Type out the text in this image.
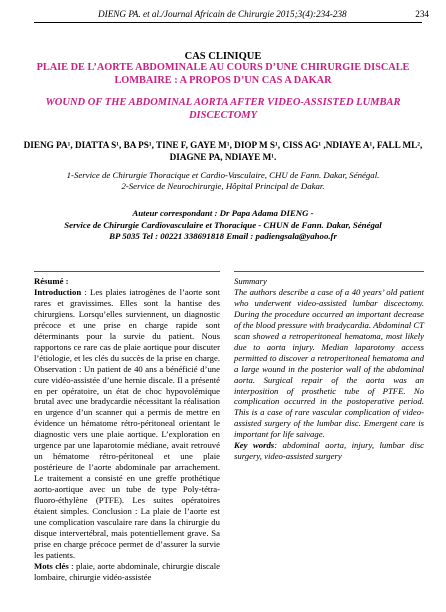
DIENG PA. et al./Journal Africain de Chirurgie 2015;3(4):234-238	234
CAS CLINIQUE
PLAIE DE L’AORTE ABDOMINALE AU COURS D’UNE CHIRURGIE DISCALE LOMBAIRE : A PROPOS D’UN CAS A DAKAR
WOUND OF THE ABDOMINAL AORTA AFTER VIDEO-ASSISTED LUMBAR DISCECTOMY
DIENG PA¹, DIATTA S¹, BA PS¹, TINE F, GAYE M¹, DIOP M S¹, CISS AG¹ ,NDIAYE A¹, FALL ML², DIAGNE PA, NDIAYE M¹.
1-Service de Chirurgie Thoracique et Cardio-Vasculaire, CHU de Fann. Dakar, Sénégal.
2-Service de Neurochirurgie, Hôpital Principal de Dakar.
Auteur correspondant : Dr Papa Adama DIENG -
Service de Chirurgie Cardiovasculaire et Thoracique - CHUN de Fann. Dakar, Sénégal
BP 5035 Tel : 00221 338691818 Email : padiengsala@yahoo.fr
Résumé :

Introduction : Les plaies iatrogènes de l’aorte sont rares et gravissimes. Elles sont la hantise des chirurgiens. Lorsqu’elles surviennent, un diagnostic précoce et une prise en charge rapide sont déterminants pour la survie du patient. Nous rapportons ce rare cas de plaie aortique pour discuter l’étiologie, et les clés du succès de la prise en charge. Observation : Un patient de 40 ans a bénéficié d’une cure vidéo-assistée d’une hernie discale. Il a présenté en per opératoire, un état de choc hypovolémique brutal avec une bradycardie nécessitant la réalisation en urgence d’un scanner qui a permis de mettre en évidence un hématome rétro-péritoneal orientant le diagnostic vers une plaie aortique. L’exploration en urgence par une laparotomie médiane, avait retrouvé un hématome rétro-péritoneal et une plaie postérieure de l’aorte abdominale par arrachement. Le traitement a consisté en une greffe prothétique aorto-aortique avec un tube de type Poly-tétra-fluoro-éthylène (PTFE). Les suites opératoires étaient simples. Conclusion : La plaie de l’aorte est une complication vasculaire rare dans la chirurgie du disque intervertébral, mais potentiellement grave. Sa prise en charge précoce permet de d’assurer la survie les patients.

Mots clés : plaie, aorte abdominale, chirurgie discale lombaire, chirurgie vidéo-assistée

Summary

The authors describe a case of a 40 years’ old patient who underwent video-assisted lumbar discectomy. During the procedure occurred an important decrease of the blood pressure with bradycardia. Abdominal CT scan showed a retroperitoneal hematoma, most likely due to aorta injury. Median laparotomy access permitted to discover a retroperitoneal hematoma and a large wound in the posterior wall of the abdominal aorta. Surgical repair of the aorta was an interposition of prosthetic tube of PTFE. No complication occurred in the postoperative period. This is a case of rare vascular complication of video-assisted surgery of the lumbar disc. Emergent care is important for life saivage.

Key words: abdominal aorta, injury, lumbar disc surgery, video-assisted surgery
